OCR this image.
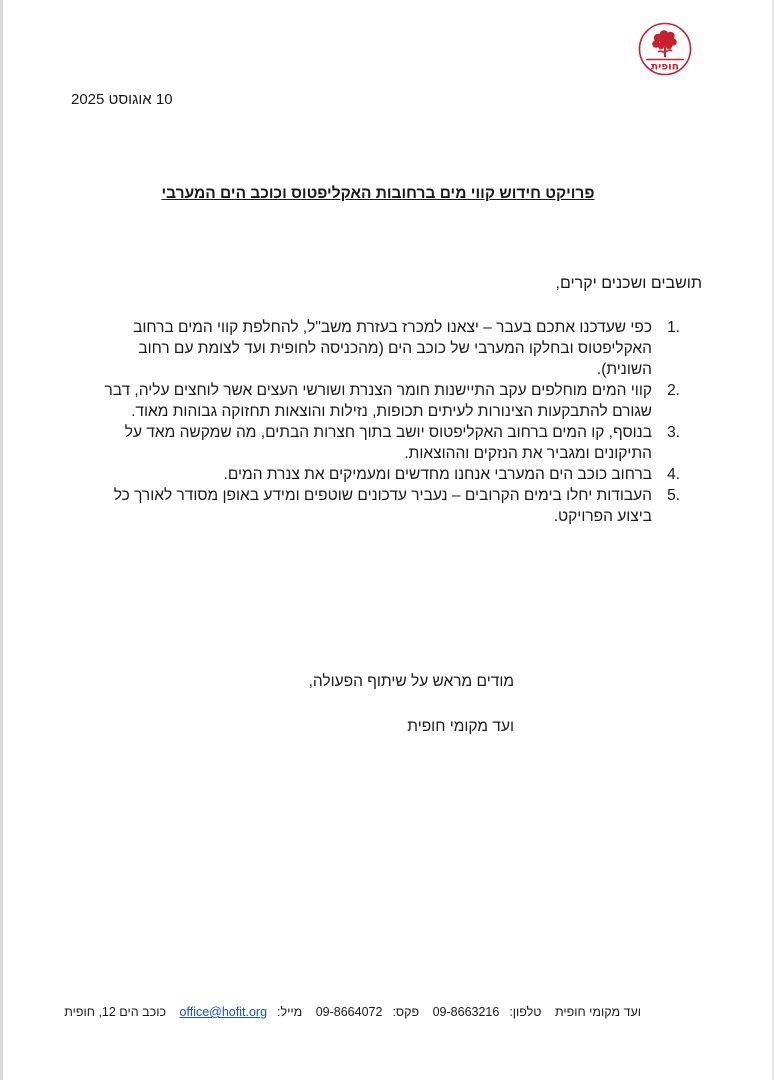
חופית
10 אוגוסט 2025
פרויקט חידוש קווי מים ברחובות האקליפטוס וכוכב הים המערבי
תושבים ושכנים יקרים,
1.
כפי שעדכנו אתכם בעבר – יצאנו למכרז בעזרת משב"ל, להחלפת קווי המים ברחוב האקליפטוס ובחלקו המערבי של כוכב הים (מהכניסה לחופית ועד לצומת עם רחוב השונית).
2.
קווי המים מוחלפים עקב התיישנות חומר הצנרת ושורשי העצים אשר לוחצים עליה, דבר שגורם להתבקעות הצינורות לעיתים תכופות, נזילות והוצאות תחזוקה גבוהות מאוד.
3.
בנוסף, קו המים ברחוב האקליפטוס יושב בתוך חצרות הבתים, מה שמקשה מאד על התיקונים ומגביר את הנזקים וההוצאות.
4.
ברחוב כוכב הים המערבי אנחנו מחדשים ומעמיקים את צנרת המים.
5.
העבודות יחלו בימים הקרובים – נעביר עדכונים שוטפים ומידע באופן מסודר לאורך כל ביצוע הפרויקט.
מודים מראש על שיתוף הפעולה,
ועד מקומי חופית
ועד מקומי חופית טלפון:09-8663216 פקס:09-8664072 מייל:office@hofit.org כוכב הים 12, חופית
